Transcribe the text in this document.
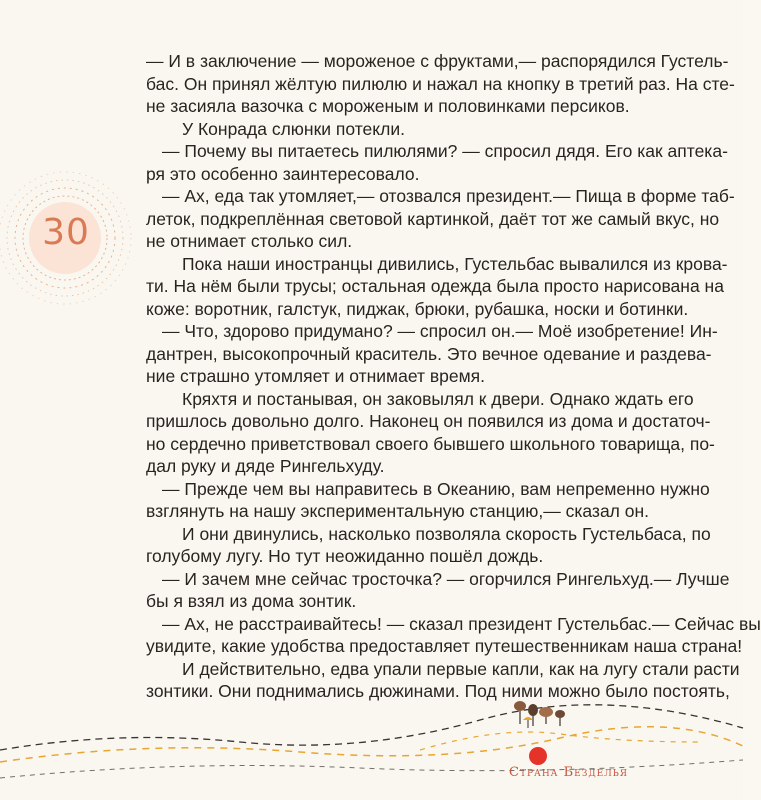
30
— И в заключение — мороженое с фруктами,— распорядился Густель-
бас. Он принял жёлтую пилюлю и нажал на кнопку в третий раз. На сте-
не засияла вазочка с мороженым и половинками персиков.
У Конрада слюнки потекли.
— Почему вы питаетесь пилюлями? — спросил дядя. Его как аптека-
ря это особенно заинтересовало.
— Ах, еда так утомляет,— отозвался президент.— Пища в форме таб-
леток, подкреплённая световой картинкой, даёт тот же самый вкус, но
не отнимает столько сил.
Пока наши иностранцы дивились, Густельбас вывалился из крова-
ти. На нём были трусы; остальная одежда была просто нарисована на
коже: воротник, галстук, пиджак, брюки, рубашка, носки и ботинки.
— Что, здорово придумано? — спросил он.— Моё изобретение! Ин-
дантрен, высокопрочный краситель. Это вечное одевание и раздева-
ние страшно утомляет и отнимает время.
Кряхтя и постанывая, он заковылял к двери. Однако ждать его
пришлось довольно долго. Наконец он появился из дома и достаточ-
но сердечно приветствовал своего бывшего школьного товарища, по-
дал руку и дяде Рингельхуду.
— Прежде чем вы направитесь в Океанию, вам непременно нужно
взглянуть на нашу экспериментальную станцию,— сказал он.
И они двинулись, насколько позволяла скорость Густельбаса, по
голубому лугу. Но тут неожиданно пошёл дождь.
— И зачем мне сейчас тросточка? — огорчился Рингельхуд.— Лучше
бы я взял из дома зонтик.
— Ах, не расстраивайтесь! — сказал президент Густельбас.— Сейчас вы
увидите, какие удобства предоставляет путешественникам наша страна!
И действительно, едва упали первые капли, как на лугу стали расти
зонтики. Они поднимались дюжинами. Под ними можно было постоять,
Страна Безделья
